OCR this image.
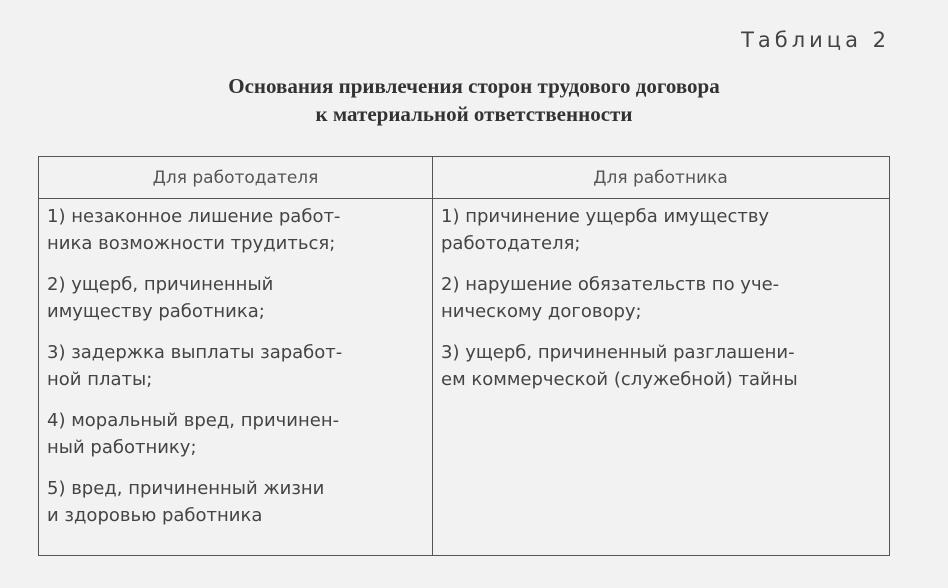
Таблица 2
Основания привлечения сторон трудового договора
к материальной ответственности
Для работодателя	Для работника
1) незаконное лишение работ-
ника возможности трудиться;
2) ущерб, причиненный
имуществу работника;
3) задержка выплаты заработ-
ной платы;
4) моральный вред, причинен-
ный работнику;
5) вред, причиненный жизни
и здоровью работника
1) причинение ущерба имуществу
работодателя;
2) нарушение обязательств по уче-
ническому договору;
3) ущерб, причиненный разглашени-
ем коммерческой (служебной) тайны
